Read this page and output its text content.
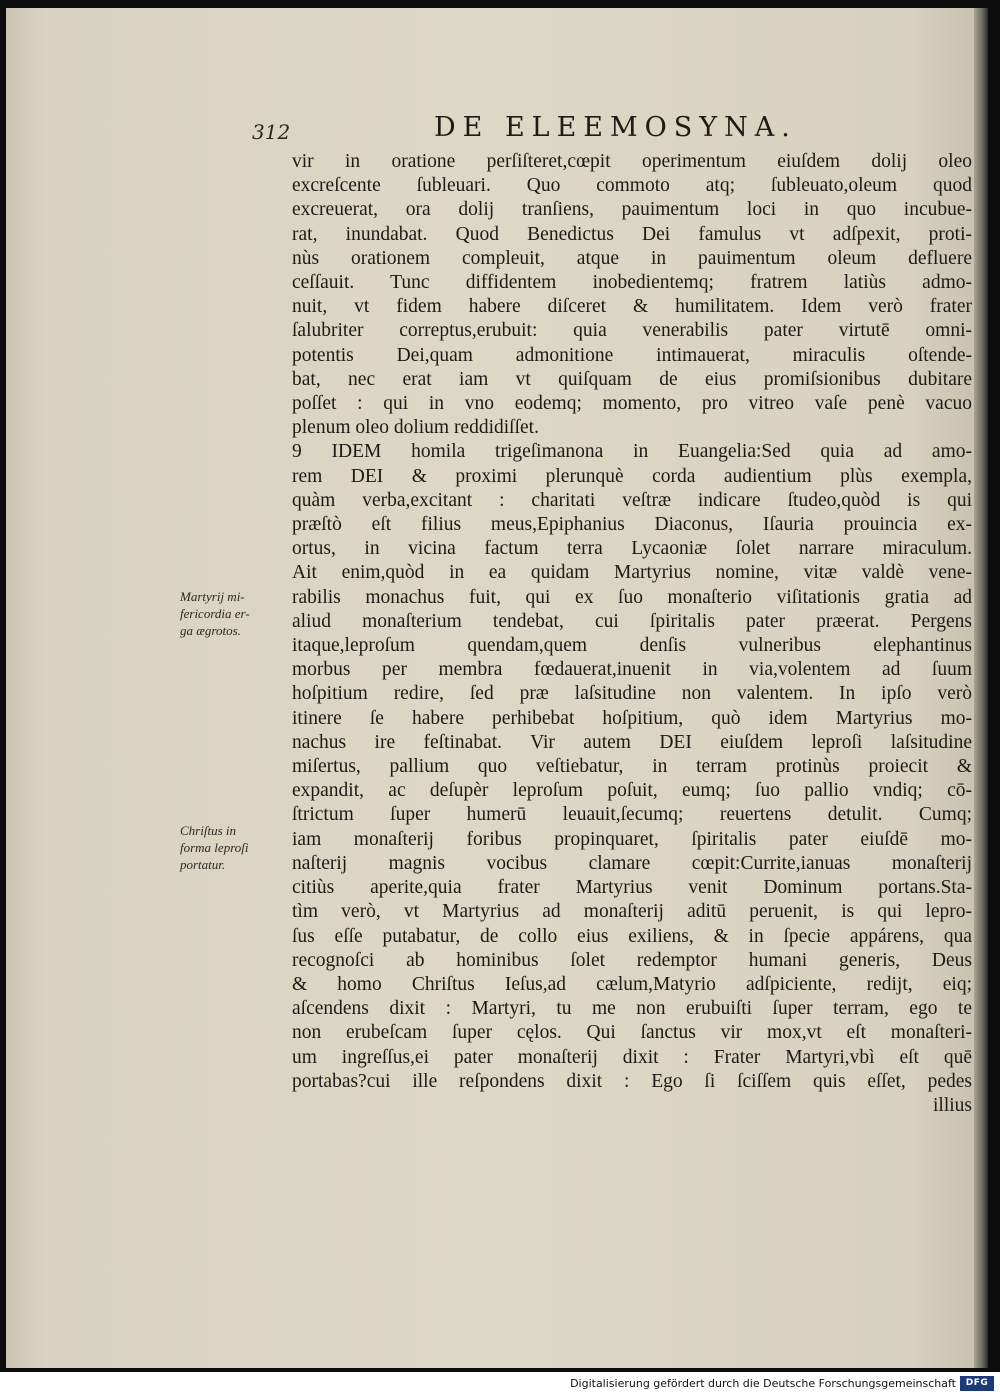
312	DE ELEEMOSYNA.
Martyrij mi-
fericordia er-
ga ægrotos.
Chriſtus in
forma leproſi
portatur.
vir in oratione perſiſteret,cœpit operimentum eiuſdem dolij oleo
excreſcente ſubleuari. Quo commoto atq; ſubleuato,oleum quod
excreuerat, ora dolij tranſiens, pauimentum loci in quo incubue-
rat, inundabat. Quod Benedictus Dei famulus vt adſpexit, proti-
nùs orationem compleuit, atque in pauimentum oleum defluere
ceſſauit. Tunc diffidentem inobedientemq; fratrem latiùs admo-
nuit, vt fidem habere diſceret & humilitatem. Idem verò frater
ſalubriter correptus,erubuit: quia venerabilis pater virtutē omni-
potentis Dei,quam admonitione intimauerat, miraculis oſtende-
bat, nec erat iam vt quiſquam de eius promiſsionibus dubitare
poſſet : qui in vno eodemq; momento, pro vitreo vaſe penè vacuo
plenum oleo dolium reddidiſſet.
9 IDEM homila trigeſimanona in Euangelia:Sed quia ad amo-
rem DEI & proximi plerunquè corda audientium plùs exempla,
quàm verba,excitant : charitati veſtræ indicare ſtudeo,quòd is qui
præſtò eſt filius meus,Epiphanius Diaconus, Iſauria prouincia ex-
ortus, in vicina factum terra Lycaoniæ ſolet narrare miraculum.
Ait enim,quòd in ea quidam Martyrius nomine, vitæ valdè vene-
rabilis monachus fuit, qui ex ſuo monaſterio viſitationis gratia ad
aliud monaſterium tendebat, cui ſpiritalis pater præerat. Pergens
itaque,leproſum quendam,quem denſis vulneribus elephantinus
morbus per membra fœdauerat,inuenit in via,volentem ad ſuum
hoſpitium redire, ſed præ laſsitudine non valentem. In ipſo verò
itinere ſe habere perhibebat hoſpitium, quò idem Martyrius mo-
nachus ire feſtinabat. Vir autem DEI eiuſdem leproſi laſsitudine
miſertus, pallium quo veſtiebatur, in terram protinùs proiecit &
expandit, ac deſupèr leproſum poſuit, eumq; ſuo pallio vndiq; cō-
ſtrictum ſuper humerū leuauit,ſecumq; reuertens detulit. Cumq;
iam monaſterij foribus propinquaret, ſpiritalis pater eiuſdē mo-
naſterij magnis vocibus clamare cœpit:Currite,ianuas monaſterij
citiùs aperite,quia frater Martyrius venit Dominum portans.Sta-
tìm verò, vt Martyrius ad monaſterij aditū peruenit, is qui lepro-
ſus eſſe putabatur, de collo eius exiliens, & in ſpecie appárens, qua
recognoſci ab hominibus ſolet redemptor humani generis, Deus
& homo Chriſtus Ieſus,ad cælum,Matyrio adſpiciente, redijt, eiq;
aſcendens dixit : Martyri, tu me non erubuiſti ſuper terram, ego te
non erubeſcam ſuper cęlos. Qui ſanctus vir mox,vt eſt monaſteri-
um ingreſſus,ei pater monaſterij dixit : Frater Martyri,vbì eſt quē
portabas?cui ille reſpondens dixit : Ego ſi ſciſſem quis eſſet, pedes
illius
Digitalisierung gefördert durch die Deutsche Forschungsgemeinschaft	DFG
